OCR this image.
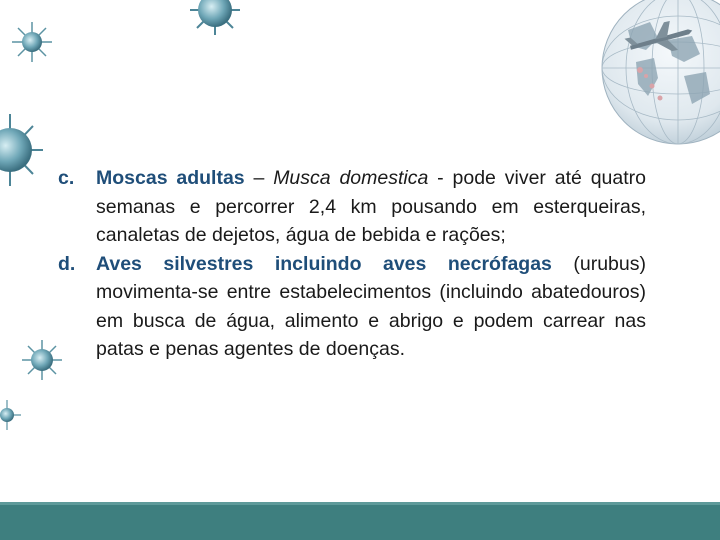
c.	Moscas adultas – Musca domestica - pode viver até quatro semanas e percorrer 2,4 km pousando em esterqueiras, canaletas de dejetos, água de bebida e rações;
d.	Aves silvestres incluindo aves necrófagas (urubus) movimenta-se entre estabelecimentos (incluindo abatedouros) em busca de água, alimento e abrigo e podem carrear nas patas e penas agentes de doenças.
